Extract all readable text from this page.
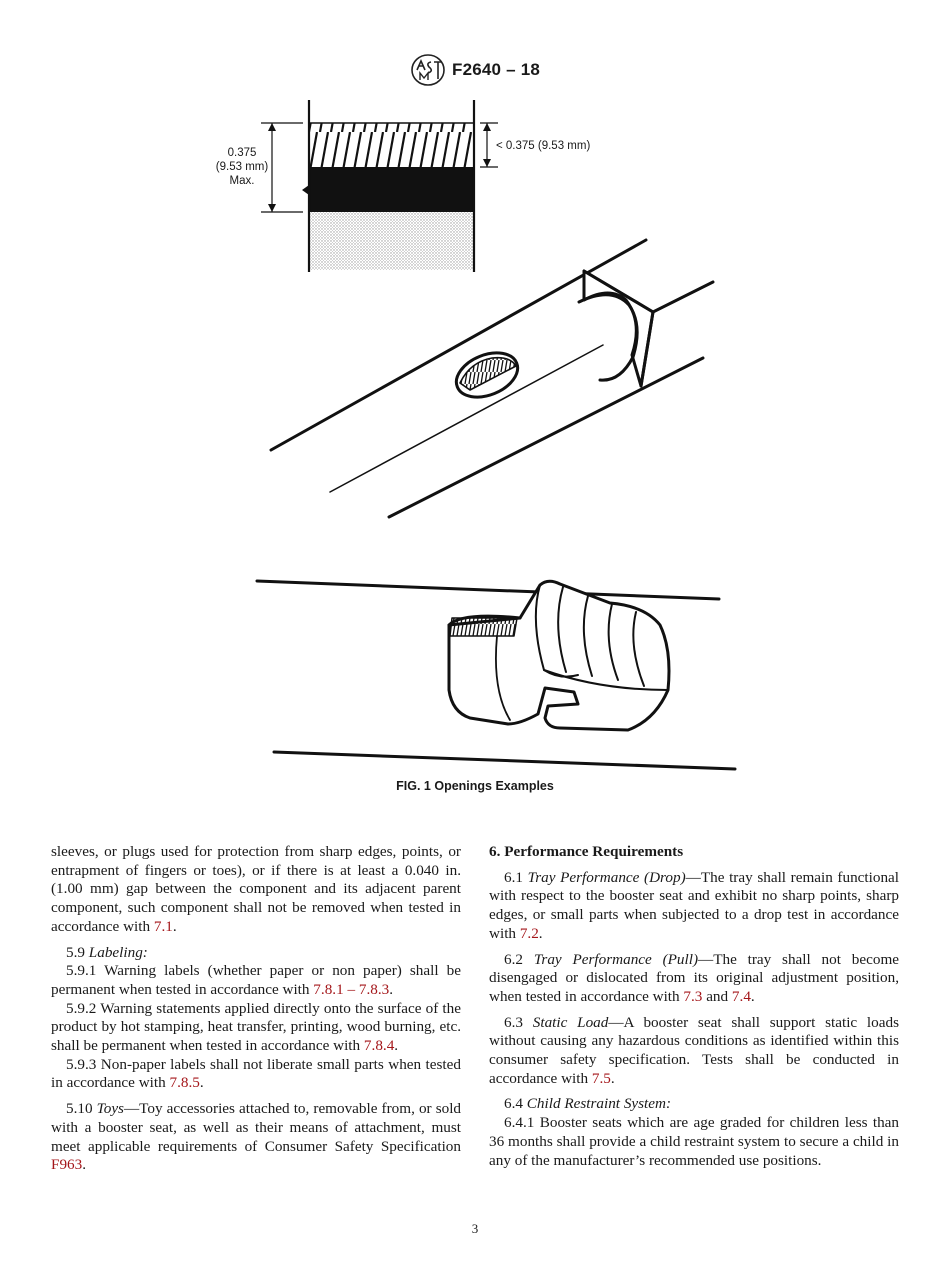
F2640 – 18
0.375
(9.53 mm)
Max.
< 0.375 (9.53 mm)
FIG. 1 Openings Examples

sleeves, or plugs used for protection from sharp edges, points, or entrapment of fingers or toes), or if there is at least a 0.040 in. (1.00 mm) gap between the component and its adjacent parent component, such component shall not be removed when tested in accordance with 7.1.

5.9 Labeling:

5.9.1 Warning labels (whether paper or non paper) shall be permanent when tested in accordance with 7.8.1 – 7.8.3.

5.9.2 Warning statements applied directly onto the surface of the product by hot stamping, heat transfer, printing, wood burning, etc. shall be permanent when tested in accordance with 7.8.4.

5.9.3 Non-paper labels shall not liberate small parts when tested in accordance with 7.8.5.

5.10 Toys—Toy accessories attached to, removable from, or sold with a booster seat, as well as their means of attachment, must meet applicable requirements of Consumer Safety Specification F963.

6. Performance Requirements

6.1 Tray Performance (Drop)—The tray shall remain functional with respect to the booster seat and exhibit no sharp points, sharp edges, or small parts when subjected to a drop test in accordance with 7.2.

6.2 Tray Performance (Pull)—The tray shall not become disengaged or dislocated from its original adjustment position, when tested in accordance with 7.3 and 7.4.

6.3 Static Load—A booster seat shall support static loads without causing any hazardous conditions as identified within this consumer safety specification. Tests shall be conducted in accordance with 7.5.

6.4 Child Restraint System:

6.4.1 Booster seats which are age graded for children less than 36 months shall provide a child restraint system to secure a child in any of the manufacturer’s recommended use positions.

3
